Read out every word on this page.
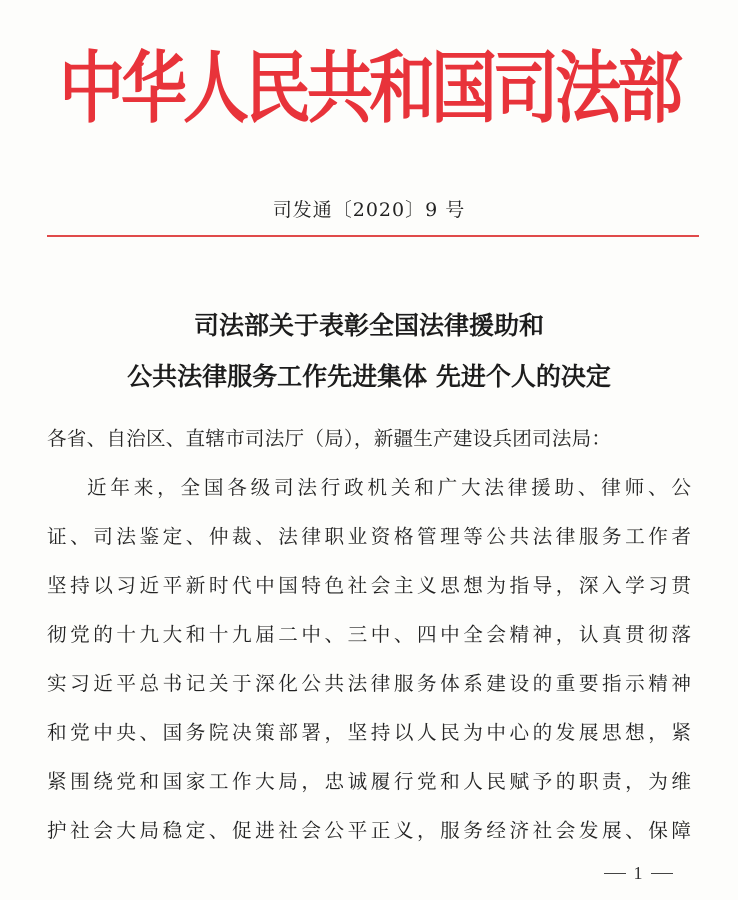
中华人民共和国司法部
司发通〔2020〕9 号
司法部关于表彰全国法律援助和
公共法律服务工作先进集体 先进个人的决定
各省、自治区、直辖市司法厅（局），新疆生产建设兵团司法局：
近年来，全国各级司法行政机关和广大法律援助、律师、公
证、司法鉴定、仲裁、法律职业资格管理等公共法律服务工作者
坚持以习近平新时代中国特色社会主义思想为指导，深入学习贯
彻党的十九大和十九届二中、三中、四中全会精神，认真贯彻落
实习近平总书记关于深化公共法律服务体系建设的重要指示精神
和党中央、国务院决策部署，坚持以人民为中心的发展思想，紧
紧围绕党和国家工作大局，忠诚履行党和人民赋予的职责，为维
护社会大局稳定、促进社会公平正义，服务经济社会发展、保障
1
